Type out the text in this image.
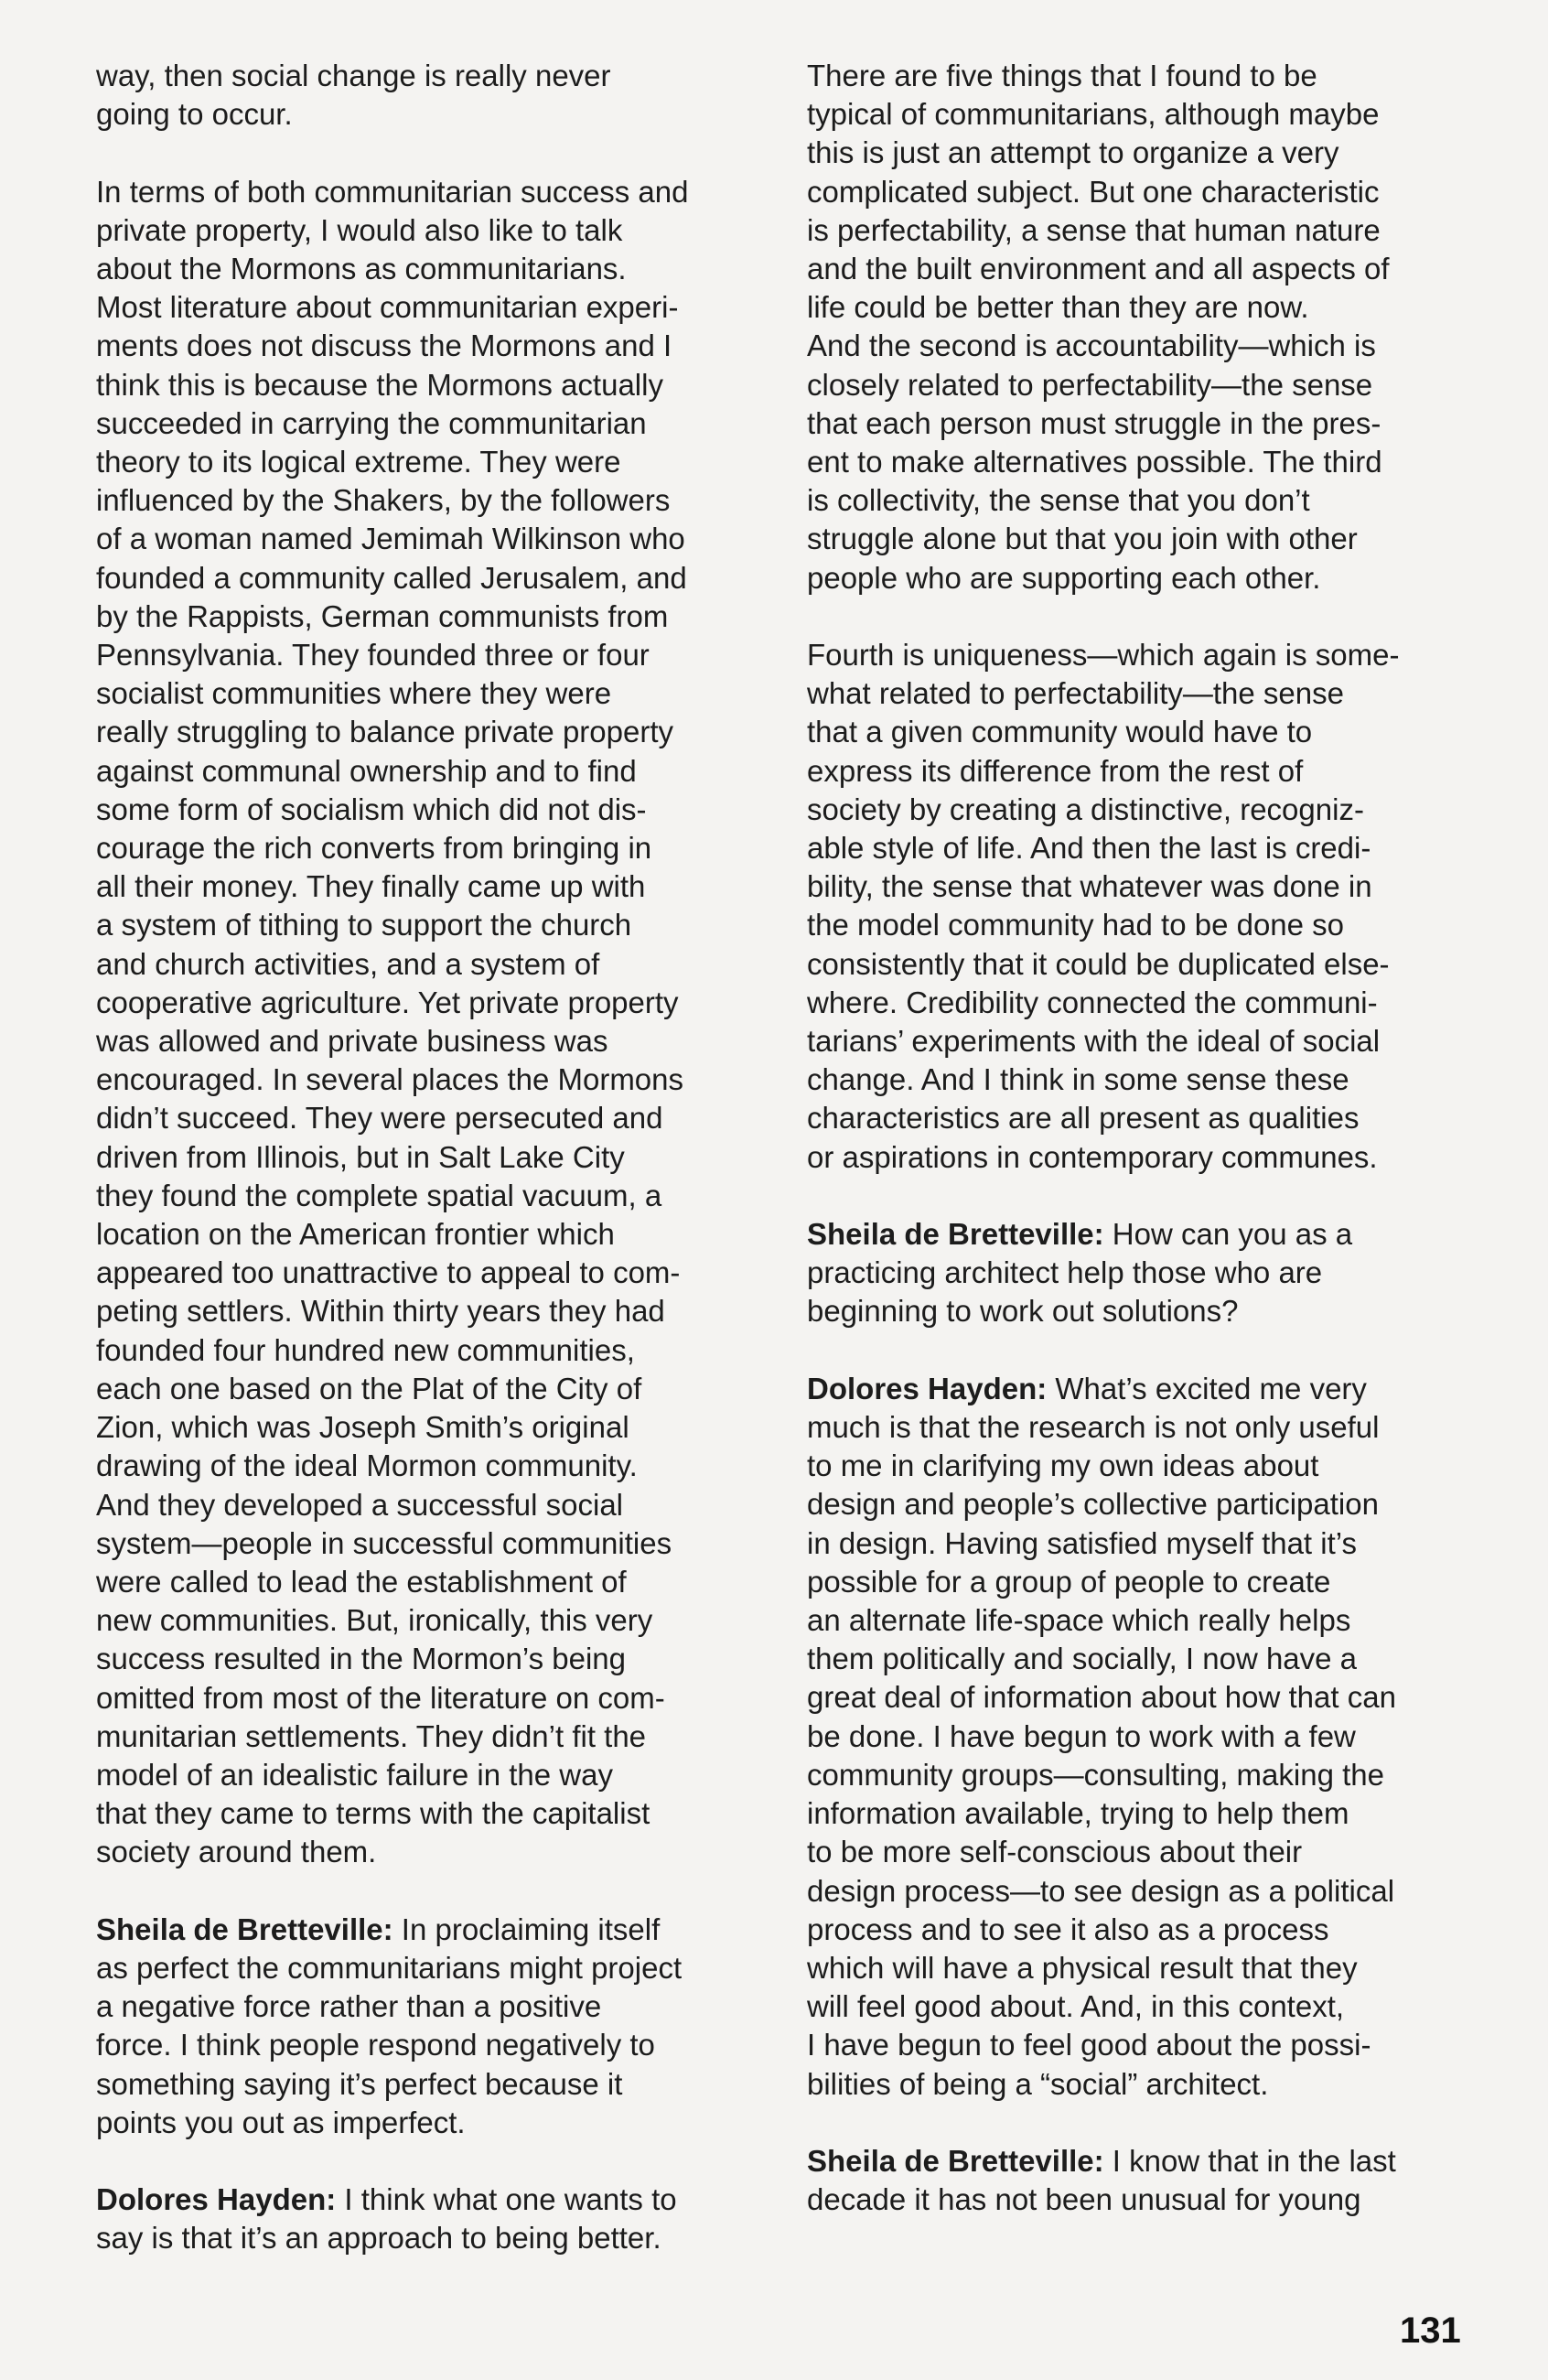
way, then social change is really never
going to occur.
In terms of both communitarian success and
private property, I would also like to talk
about the Mormons as communitarians.
Most literature about communitarian experi-
ments does not discuss the Mormons and I
think this is because the Mormons actually
succeeded in carrying the communitarian
theory to its logical extreme. They were
influenced by the Shakers, by the followers
of a woman named Jemimah Wilkinson who
founded a community called Jerusalem, and
by the Rappists, German communists from
Pennsylvania. They founded three or four
socialist communities where they were
really struggling to balance private property
against communal ownership and to find
some form of socialism which did not dis-
courage the rich converts from bringing in
all their money. They finally came up with
a system of tithing to support the church
and church activities, and a system of
cooperative agriculture. Yet private property
was allowed and private business was
encouraged. In several places the Mormons
didn’t succeed. They were persecuted and
driven from Illinois, but in Salt Lake City
they found the complete spatial vacuum, a
location on the American frontier which
appeared too unattractive to appeal to com-
peting settlers. Within thirty years they had
founded four hundred new communities,
each one based on the Plat of the City of
Zion, which was Joseph Smith’s original
drawing of the ideal Mormon community.
And they developed a successful social
system—people in successful communities
were called to lead the establishment of
new communities. But, ironically, this very
success resulted in the Mormon’s being
omitted from most of the literature on com-
munitarian settlements. They didn’t fit the
model of an idealistic failure in the way
that they came to terms with the capitalist
society around them.
Sheila de Bretteville: In proclaiming itself
as perfect the communitarians might project
a negative force rather than a positive
force. I think people respond negatively to
something saying it’s perfect because it
points you out as imperfect.
Dolores Hayden: I think what one wants to
say is that it’s an approach to being better.
There are five things that I found to be
typical of communitarians, although maybe
this is just an attempt to organize a very
complicated subject. But one characteristic
is perfectability, a sense that human nature
and the built environment and all aspects of
life could be better than they are now.
And the second is accountability—which is
closely related to perfectability—the sense
that each person must struggle in the pres-
ent to make alternatives possible. The third
is collectivity, the sense that you don’t
struggle alone but that you join with other
people who are supporting each other.
Fourth is uniqueness—which again is some-
what related to perfectability—the sense
that a given community would have to
express its difference from the rest of
society by creating a distinctive, recogniz-
able style of life. And then the last is credi-
bility, the sense that whatever was done in
the model community had to be done so
consistently that it could be duplicated else-
where. Credibility connected the communi-
tarians’ experiments with the ideal of social
change. And I think in some sense these
characteristics are all present as qualities
or aspirations in contemporary communes.
Sheila de Bretteville: How can you as a
practicing architect help those who are
beginning to work out solutions?
Dolores Hayden: What’s excited me very
much is that the research is not only useful
to me in clarifying my own ideas about
design and people’s collective participation
in design. Having satisfied myself that it’s
possible for a group of people to create
an alternate life-space which really helps
them politically and socially, I now have a
great deal of information about how that can
be done. I have begun to work with a few
community groups—consulting, making the
information available, trying to help them
to be more self-conscious about their
design process—to see design as a political
process and to see it also as a process
which will have a physical result that they
will feel good about. And, in this context,
I have begun to feel good about the possi-
bilities of being a “social” architect.
Sheila de Bretteville: I know that in the last
decade it has not been unusual for young
131
